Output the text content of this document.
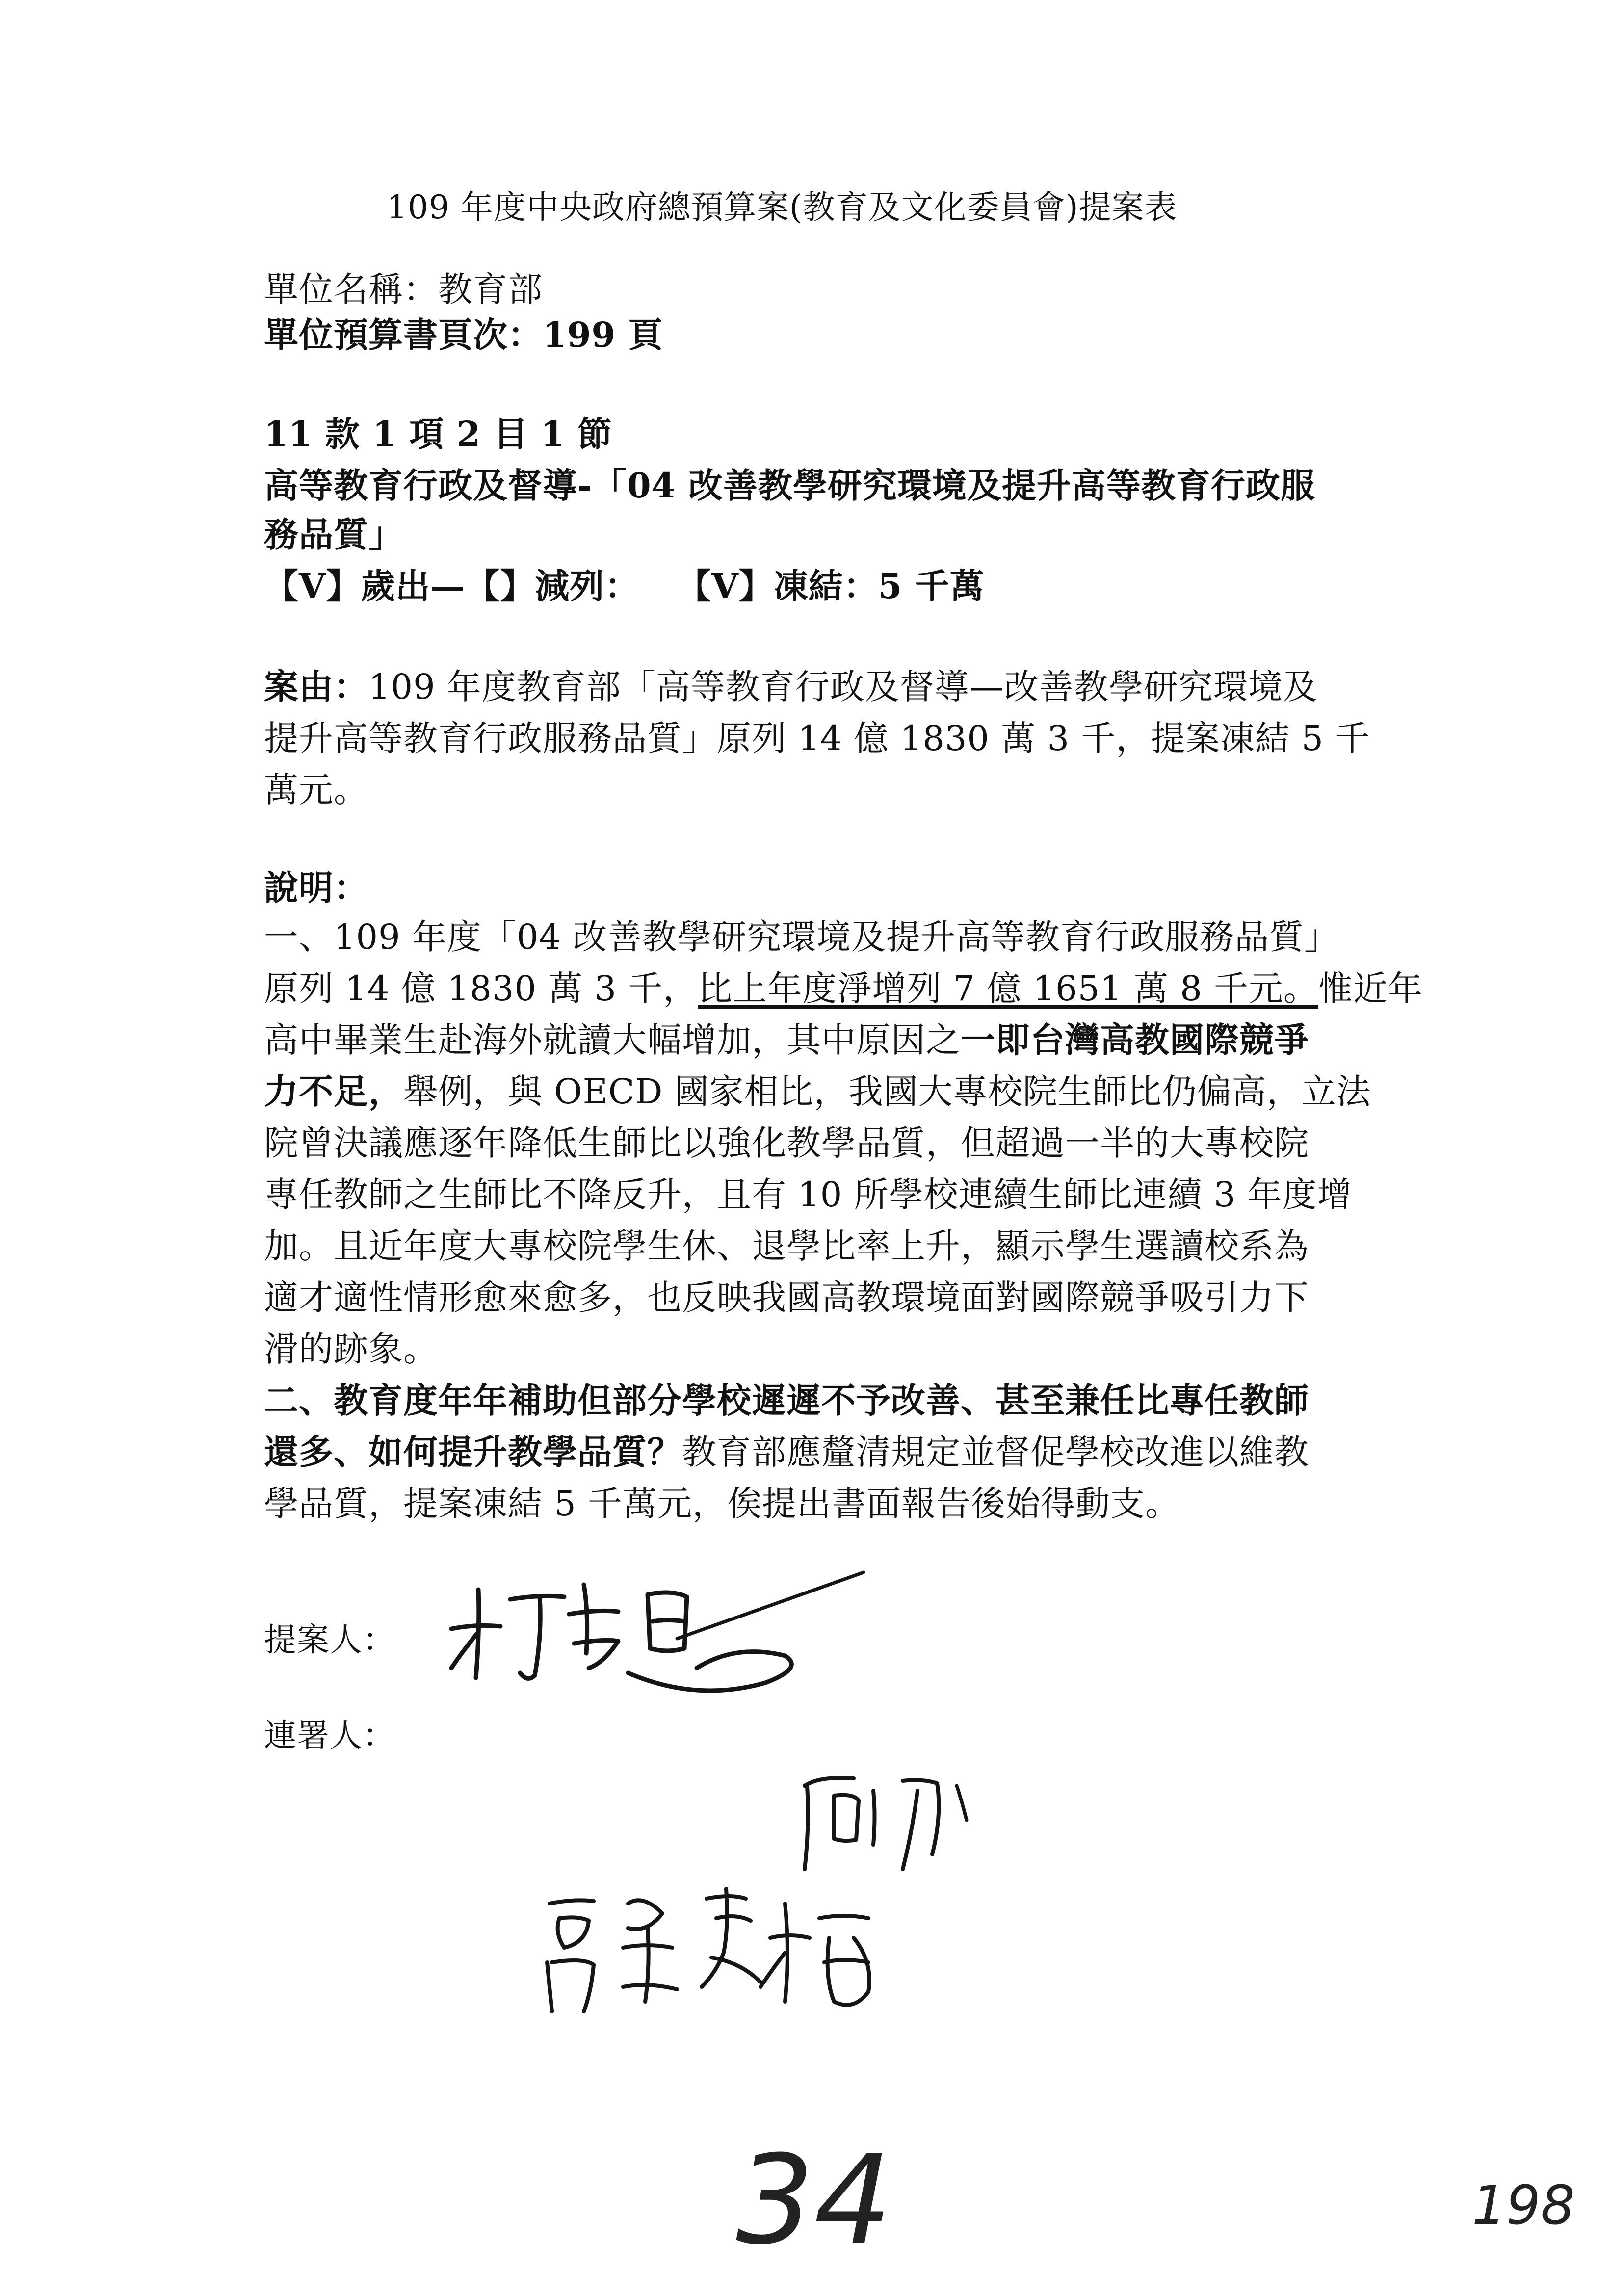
109 年度中央政府總預算案(教育及文化委員會)提案表

單位名稱：教育部

單位預算書頁次：199 頁

11 款 1 項 2 目 1 節

高等教育行政及督導-「04 改善教學研究環境及提升高等教育行政服

務品質」

【V】歲出—【】減列：   【V】凍結：5 千萬

案由：109 年度教育部「高等教育行政及督導—改善教學研究環境及

提升高等教育行政服務品質」原列 14 億 1830 萬 3 千，提案凍結 5 千

萬元。

說明：

一、109 年度「04 改善教學研究環境及提升高等教育行政服務品質」

原列 14 億 1830 萬 3 千，比上年度淨增列 7 億 1651 萬 8 千元。惟近年

高中畢業生赴海外就讀大幅增加，其中原因之一即台灣高教國際競爭

力不足，舉例，與 OECD 國家相比，我國大專校院生師比仍偏高，立法

院曾決議應逐年降低生師比以強化教學品質，但超過一半的大專校院

專任教師之生師比不降反升，且有 10 所學校連續生師比連續 3 年度增

加。且近年度大專校院學生休、退學比率上升，顯示學生選讀校系為

適才適性情形愈來愈多，也反映我國高教環境面對國際競爭吸引力下

滑的跡象。

二、教育度年年補助但部分學校遲遲不予改善、甚至兼任比專任教師

還多、如何提升教學品質？教育部應釐清規定並督促學校改進以維教

學品質，提案凍結 5 千萬元，俟提出書面報告後始得動支。

提案人：

連署人：

34	198
